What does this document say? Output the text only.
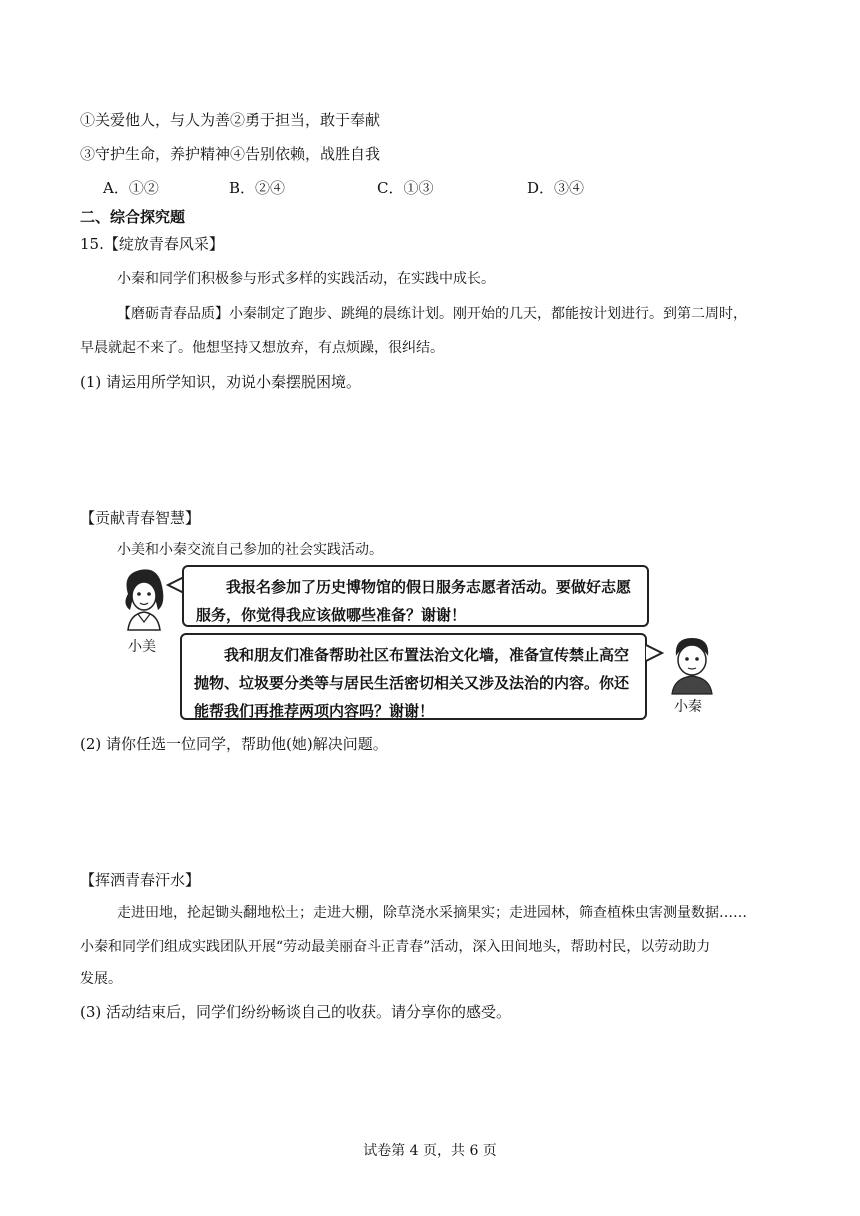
①关爱他人，与人为善②勇于担当，敢于奉献
③守护生命，养护精神④告别依赖，战胜自我
A．①②	B．②④	C．①③	D．③④
二、综合探究题
15.【绽放青春风采】
小秦和同学们积极参与形式多样的实践活动，在实践中成长。
【磨砺青春品质】小秦制定了跑步、跳绳的晨练计划。刚开始的几天，都能按计划进行。到第二周时，
早晨就起不来了。他想坚持又想放弃，有点烦躁，很纠结。
(1) 请运用所学知识，劝说小秦摆脱困境。
【贡献青春智慧】
小美和小秦交流自己参加的社会实践活动。
小美
我报名参加了历史博物馆的假日服务志愿者活动。要做好志愿服务，你觉得我应该做哪些准备？谢谢！
我和朋友们准备帮助社区布置法治文化墙，准备宣传禁止高空抛物、垃圾要分类等与居民生活密切相关又涉及法治的内容。你还能帮我们再推荐两项内容吗？谢谢！	小秦
(2) 请你任选一位同学，帮助他(她)解决问题。
【挥洒青春汗水】
走进田地，抡起锄头翻地松土；走进大棚，除草浇水采摘果实；走进园林，筛查植株虫害测量数据……
小秦和同学们组成实践团队开展“劳动最美丽奋斗正青春”活动，深入田间地头，帮助村民，以劳动助力
发展。
(3) 活动结束后，同学们纷纷畅谈自己的收获。请分享你的感受。
试卷第 4 页，共 6 页
